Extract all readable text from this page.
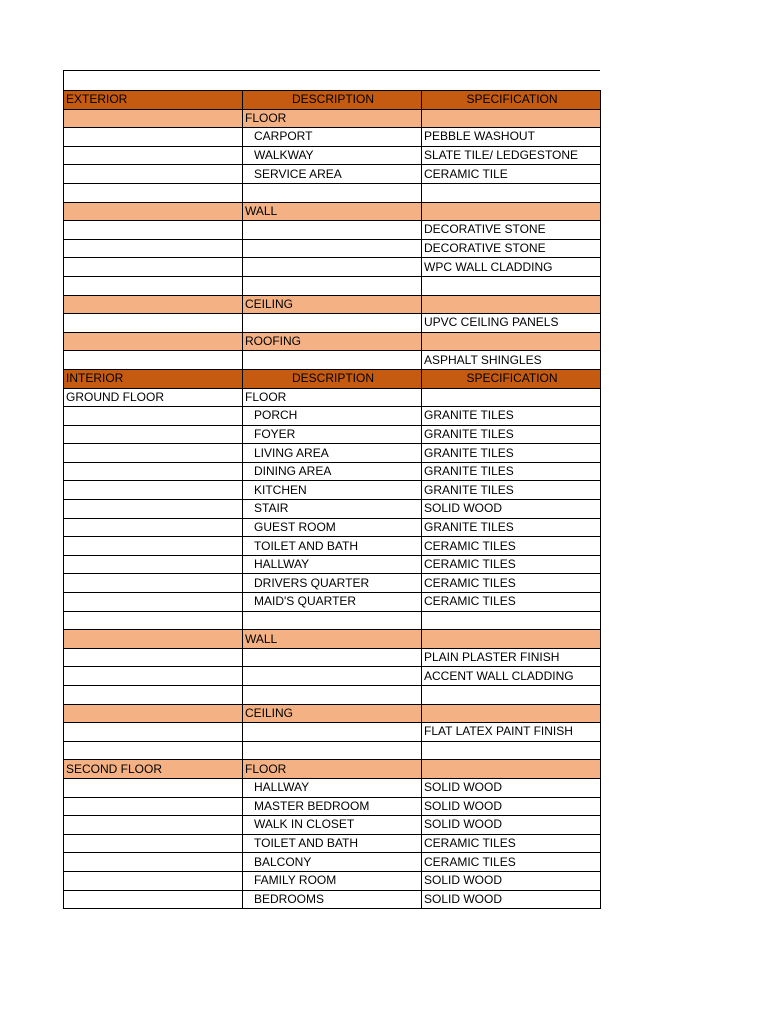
EXTERIOR	DESCRIPTION	SPECIFICATION
	FLOOR	
	CARPORT	PEBBLE WASHOUT
	WALKWAY	SLATE TILE/ LEDGESTONE
	SERVICE AREA	CERAMIC TILE

	WALL	
		DECORATIVE STONE
		DECORATIVE STONE
		WPC WALL CLADDING

	CEILING	
		UPVC CEILING PANELS
	ROOFING	
		ASPHALT SHINGLES
INTERIOR	DESCRIPTION	SPECIFICATION
GROUND FLOOR	FLOOR	
	PORCH	GRANITE TILES
	FOYER	GRANITE TILES
	LIVING AREA	GRANITE TILES
	DINING AREA	GRANITE TILES
	KITCHEN	GRANITE TILES
	STAIR	SOLID WOOD
	GUEST ROOM	GRANITE TILES
	TOILET AND BATH	CERAMIC TILES
	HALLWAY	CERAMIC TILES
	DRIVERS QUARTER	CERAMIC TILES
	MAID'S QUARTER	CERAMIC TILES

	WALL	
		PLAIN PLASTER FINISH
		ACCENT WALL CLADDING

	CEILING	
		FLAT LATEX PAINT FINISH

SECOND FLOOR	FLOOR	
	HALLWAY	SOLID WOOD
	MASTER BEDROOM	SOLID WOOD
	WALK IN CLOSET	SOLID WOOD
	TOILET AND BATH	CERAMIC TILES
	BALCONY	CERAMIC TILES
	FAMILY ROOM	SOLID WOOD
	BEDROOMS	SOLID WOOD
